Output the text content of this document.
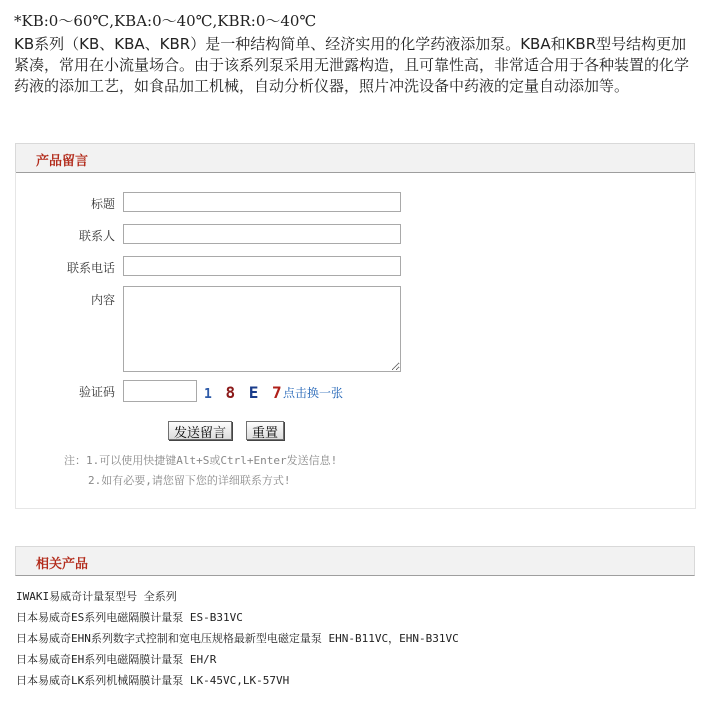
*KB:0～60℃,KBA:0～40℃,KBR:0～40℃
KB系列（KB、KBA、KBR）是一种结构简单、经济实用的化学药液添加泵。KBA和KBR型号结构更加紧凑，常用在小流量场合。由于该系列泵采用无泄露构造，且可靠性高，非常适合用于各种装置的化学药液的添加工艺，如食品加工机械，自动分析仪器，照片冲洗设备中药液的定量自动添加等。
产品留言
标题
联系人
联系电话
内容
验证码	1 8 E 7 点击换一张
发送留言	重置
注：1.可以使用快捷键Alt+S或Ctrl+Enter发送信息!
2.如有必要,请您留下您的详细联系方式!
相关产品
IWAKI易威奇计量泵型号 全系列
日本易威奇ES系列电磁隔膜计量泵 ES-B31VC
日本易威奇EHN系列数字式控制和宽电压规格最新型电磁定量泵 EHN-B11VC，EHN-B31VC
日本易威奇EH系列电磁隔膜计量泵 EH/R
日本易威奇LK系列机械隔膜计量泵 LK-45VC,LK-57VH
